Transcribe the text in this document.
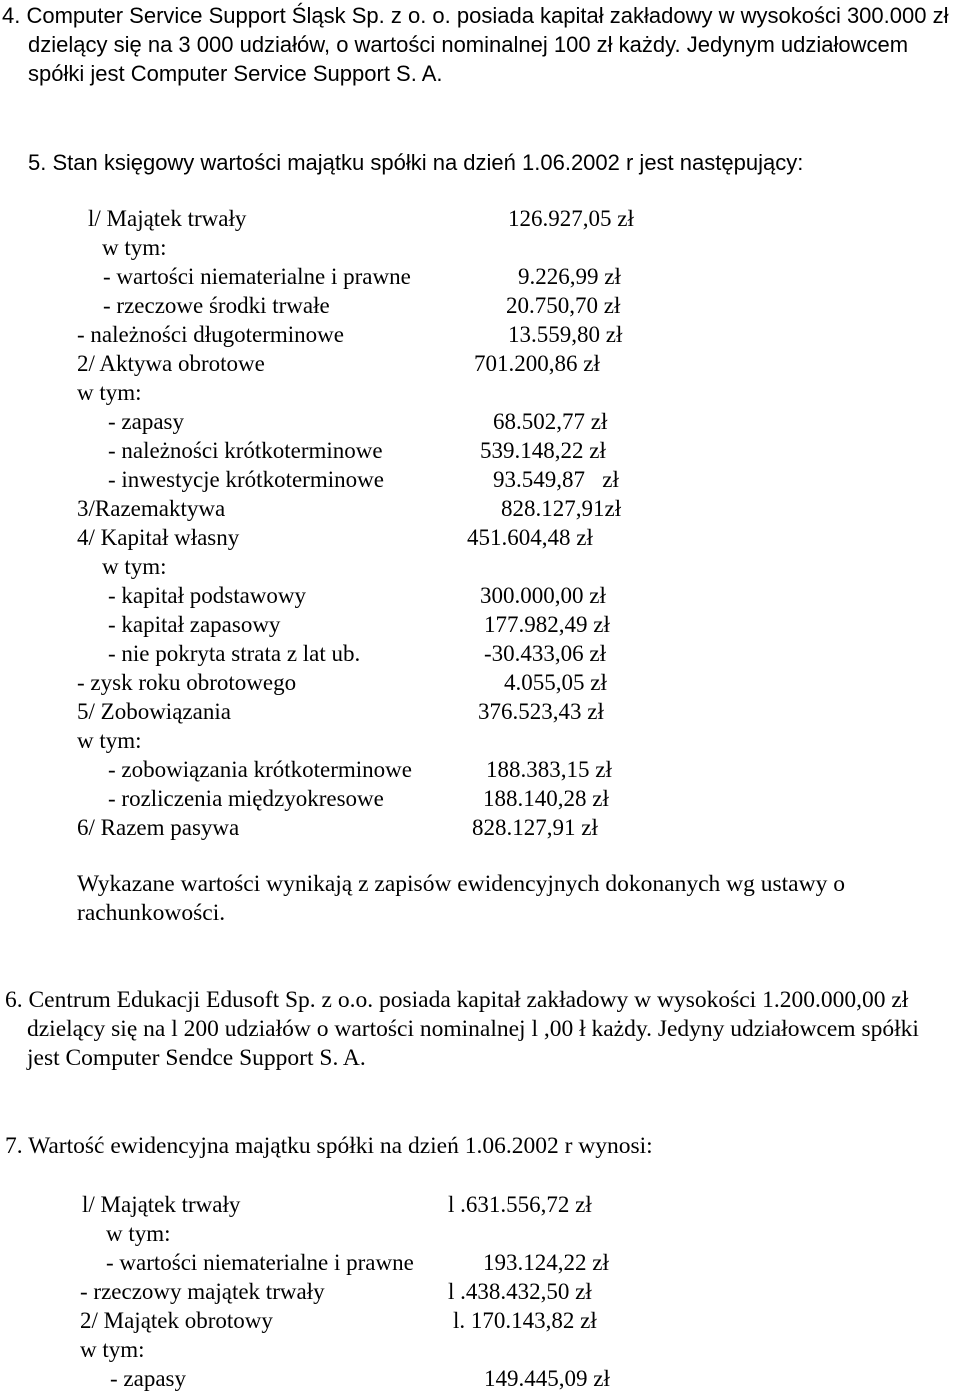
4. Computer Service Support Śląsk Sp. z o. o. posiada kapitał zakładowy w wysokości 300.000 zł

dzielący się na 3 000 udziałów, o wartości nominalnej 100 zł każdy. Jedynym udziałowcem

spółki jest Computer Service Support S. A.

5. Stan księgowy wartości majątku spółki na dzień 1.06.2002 r jest następujący:

l/ Majątek trwały	126.927,05 zł
w tym:
- wartości niematerialne i prawne	9.226,99 zł
- rzeczowe środki trwałe	20.750,70 zł
- należności długoterminowe	13.559,80 zł
2/ Aktywa obrotowe	701.200,86 zł
w tym:
- zapasy	68.502,77 zł
- należności krótkoterminowe	539.148,22 zł
- inwestycje krótkoterminowe	93.549,87   zł
3/Razemaktywa	828.127,91zł
4/ Kapitał własny	451.604,48 zł
w tym:
- kapitał podstawowy	300.000,00 zł
- kapitał zapasowy	177.982,49 zł
- nie pokryta strata z lat ub.	-30.433,06 zł
- zysk roku obrotowego	4.055,05 zł
5/ Zobowiązania	376.523,43 zł
w tym:
- zobowiązania krótkoterminowe	188.383,15 zł
- rozliczenia międzyokresowe	188.140,28 zł
6/ Razem pasywa	828.127,91 zł

Wykazane wartości wynikają z zapisów ewidencyjnych dokonanych wg ustawy o

rachunkowości.

6. Centrum Edukacji Edusoft Sp. z o.o. posiada kapitał zakładowy w wysokości 1.200.000,00 zł

dzielący się na l 200 udziałów o wartości nominalnej l ,00 ł każdy. Jedyny udziałowcem spółki

jest Computer Sendce Support S. A.

7. Wartość ewidencyjna majątku spółki na dzień 1.06.2002 r wynosi:

l/ Majątek trwały	l .631.556,72 zł
w tym:
- wartości niematerialne i prawne	193.124,22 zł
- rzeczowy majątek trwały	l .438.432,50 zł
2/ Majątek obrotowy	l. 170.143,82 zł
w tym:
- zapasy	149.445,09 zł
